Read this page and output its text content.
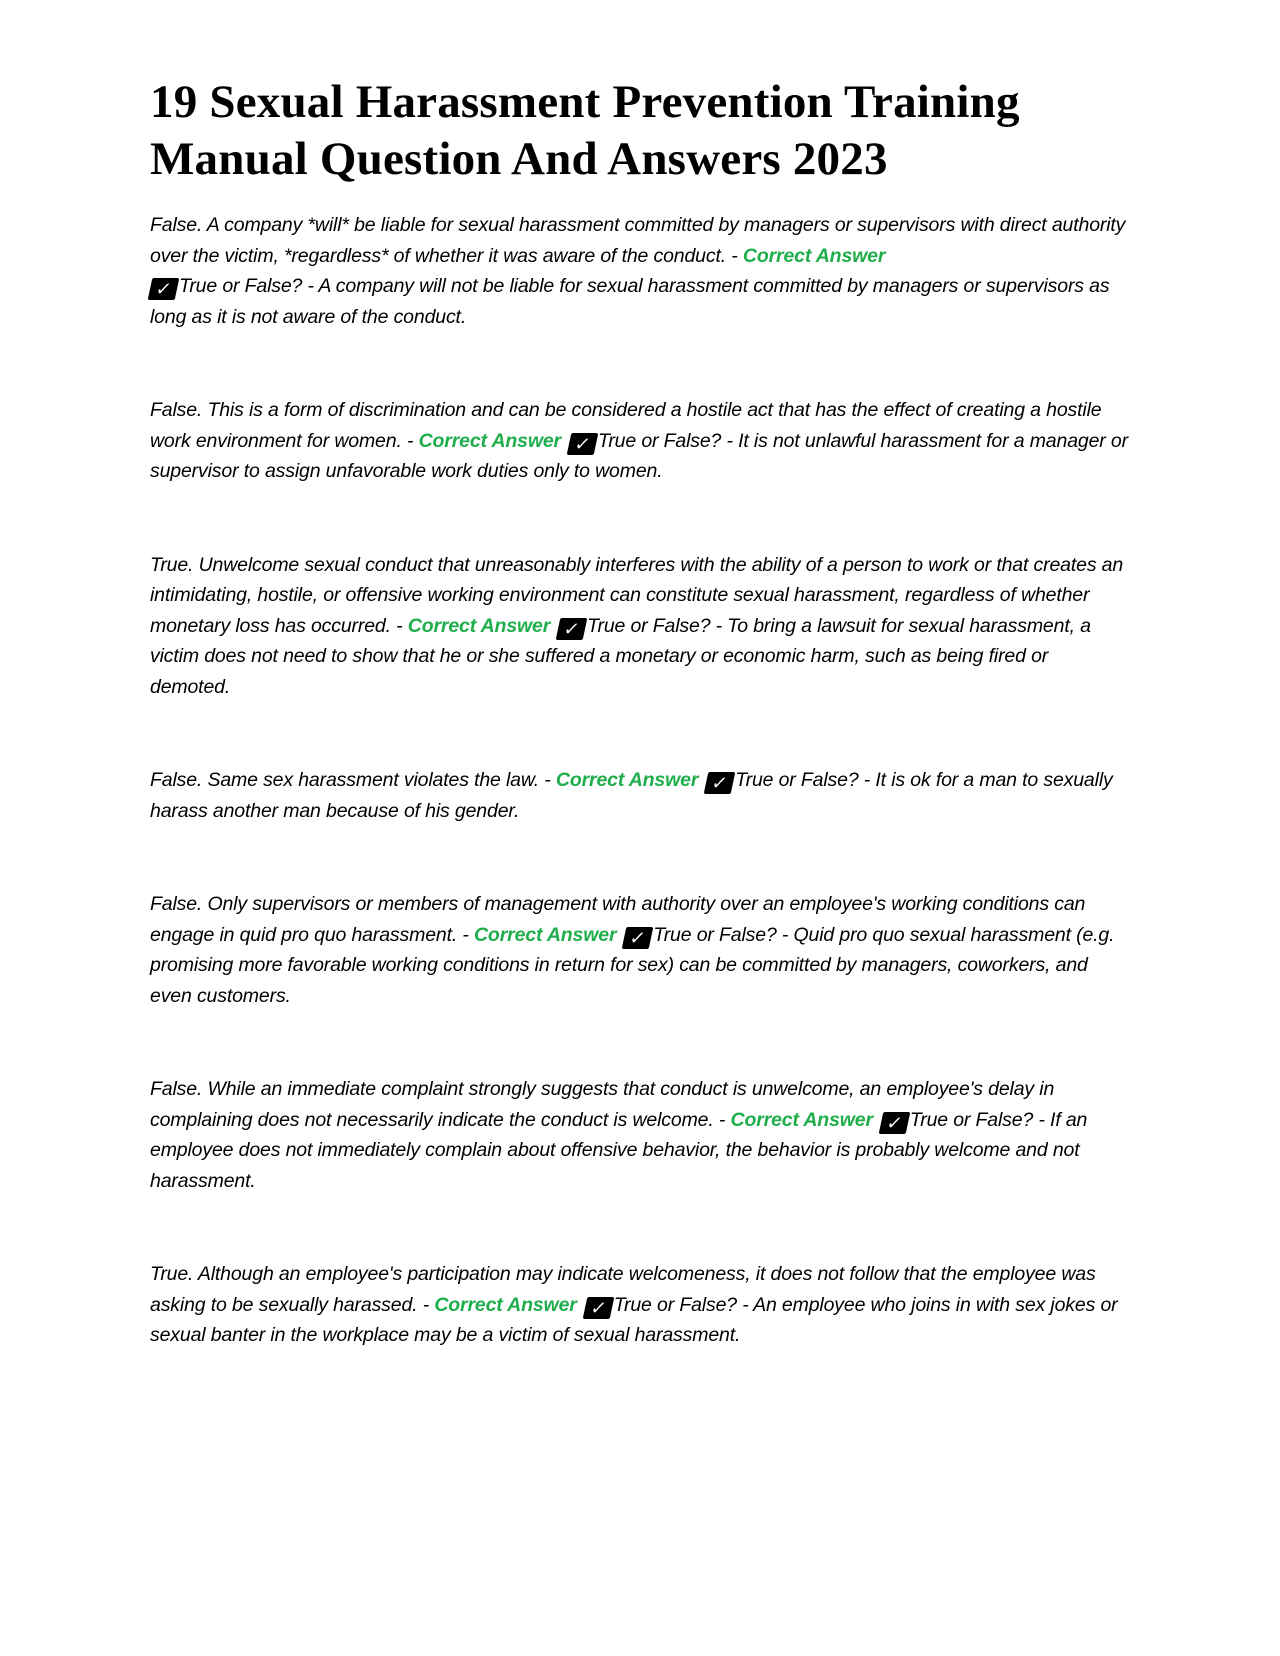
19 Sexual Harassment Prevention Training Manual Question And Answers 2023

False. A company *will* be liable for sexual harassment committed by managers or supervisors with direct authority over the victim, *regardless* of whether it was aware of the conduct. - Correct Answer
✓ True or False? - A company will not be liable for sexual harassment committed by managers or supervisors as long as it is not aware of the conduct.

False. This is a form of discrimination and can be considered a hostile act that has the effect of creating a hostile work environment for women. - Correct Answer ✓ True or False? - It is not unlawful harassment for a manager or supervisor to assign unfavorable work duties only to women.

True. Unwelcome sexual conduct that unreasonably interferes with the ability of a person to work or that creates an intimidating, hostile, or offensive working environment can constitute sexual harassment, regardless of whether monetary loss has occurred. - Correct Answer ✓ True or False? - To bring a lawsuit for sexual harassment, a victim does not need to show that he or she suffered a monetary or economic harm, such as being fired or demoted.

False. Same sex harassment violates the law. - Correct Answer ✓ True or False? - It is ok for a man to sexually harass another man because of his gender.

False. Only supervisors or members of management with authority over an employee's working conditions can engage in quid pro quo harassment. - Correct Answer ✓ True or False? - Quid pro quo sexual harassment (e.g. promising more favorable working conditions in return for sex) can be committed by managers, coworkers, and even customers.

False. While an immediate complaint strongly suggests that conduct is unwelcome, an employee's delay in complaining does not necessarily indicate the conduct is welcome. - Correct Answer ✓ True or False? - If an employee does not immediately complain about offensive behavior, the behavior is probably welcome and not harassment.

True. Although an employee's participation may indicate welcomeness, it does not follow that the employee was asking to be sexually harassed. - Correct Answer ✓ True or False? - An employee who joins in with sex jokes or sexual banter in the workplace may be a victim of sexual harassment.
